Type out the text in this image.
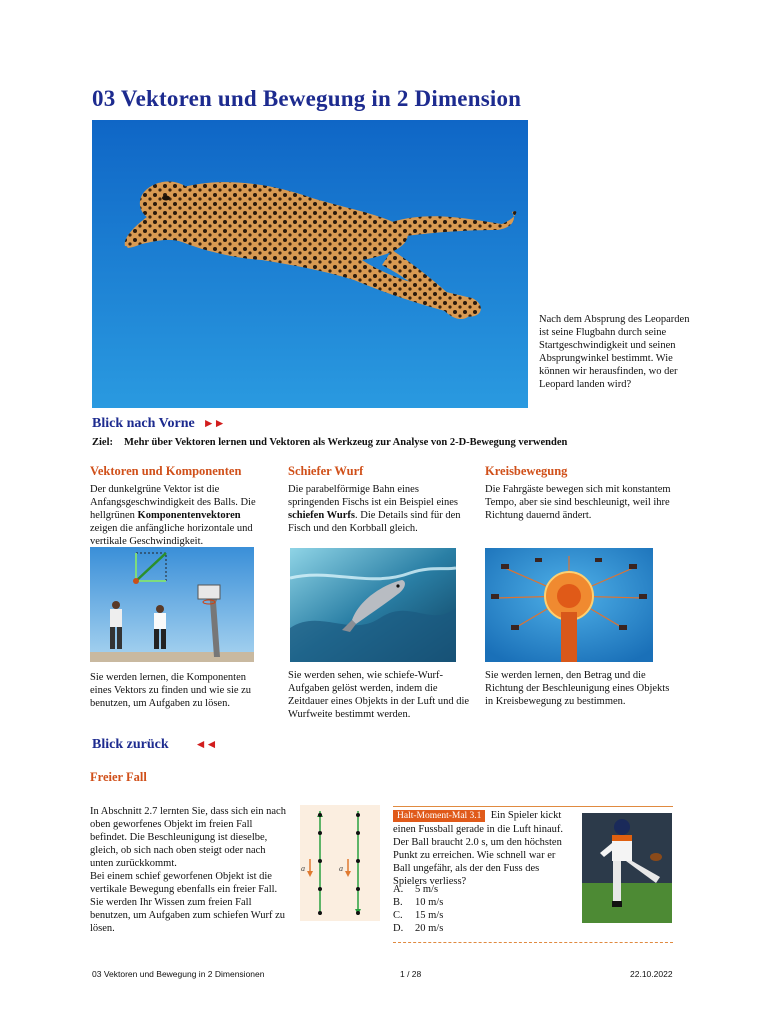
03 Vektoren und Bewegung in 2 Dimension
Nach dem Absprung des Leoparden ist seine Flugbahn durch seine Startgeschwindigkeit und seinen Absprungwinkel bestimmt. Wie können wir herausfinden, wo der Leopard landen wird?
Blick nach Vorne ►►
Ziel: Mehr über Vektoren lernen und Vektoren als Werkzeug zur Analyse von 2-D-Bewegung verwenden
Vektoren und Komponenten
Der dunkelgrüne Vektor ist die Anfangsgeschwindigkeit des Balls. Die hellgrünen Komponentenvektoren zeigen die anfängliche horizontale und vertikale Geschwindigkeit.
Sie werden lernen, die Komponenten eines Vektors zu finden und wie sie zu benutzen, um Aufgaben zu lösen.
Schiefer Wurf
Die parabelförmige Bahn eines springenden Fischs ist ein Beispiel eines schiefen Wurfs. Die Details sind für den Fisch und den Korbball gleich.
Sie werden sehen, wie schiefe-Wurf-Aufgaben gelöst werden, indem die Zeitdauer eines Objekts in der Luft und die Wurfweite bestimmt werden.
Kreisbewegung
Die Fahrgäste bewegen sich mit konstantem Tempo, aber sie sind beschleunigt, weil ihre Richtung dauernd ändert.
Sie werden lernen, den Betrag und die Richtung der Beschleunigung eines Objekts in Kreisbewegung zu bestimmen.
Blick zurück ◄◄
Freier Fall
In Abschnitt 2.7 lernten Sie, dass sich ein nach oben geworfenes Objekt im freien Fall befindet. Die Beschleunigung ist dieselbe, gleich, ob sich nach oben steigt oder nach unten zurückkommt.
Bei einem schief geworfenen Objekt ist die vertikale Bewegung ebenfalls ein freier Fall. Sie werden Ihr Wissen zum freien Fall benutzen, um Aufgaben zum schiefen Wurf zu lösen.
a	a
Halt-Moment-Mal 3.1 Ein Spieler kickt einen Fussball gerade in die Luft hinauf. Der Ball braucht 2.0 s, um den höchsten Punkt zu erreichen. Wie schnell war er Ball ungefähr, als der den Fuss des Spielers verliess?
A. 5 m/s
B. 10 m/s
C. 15 m/s
D. 20 m/s
03 Vektoren und Bewegung in 2 Dimensionen	1 / 28	22.10.2022
